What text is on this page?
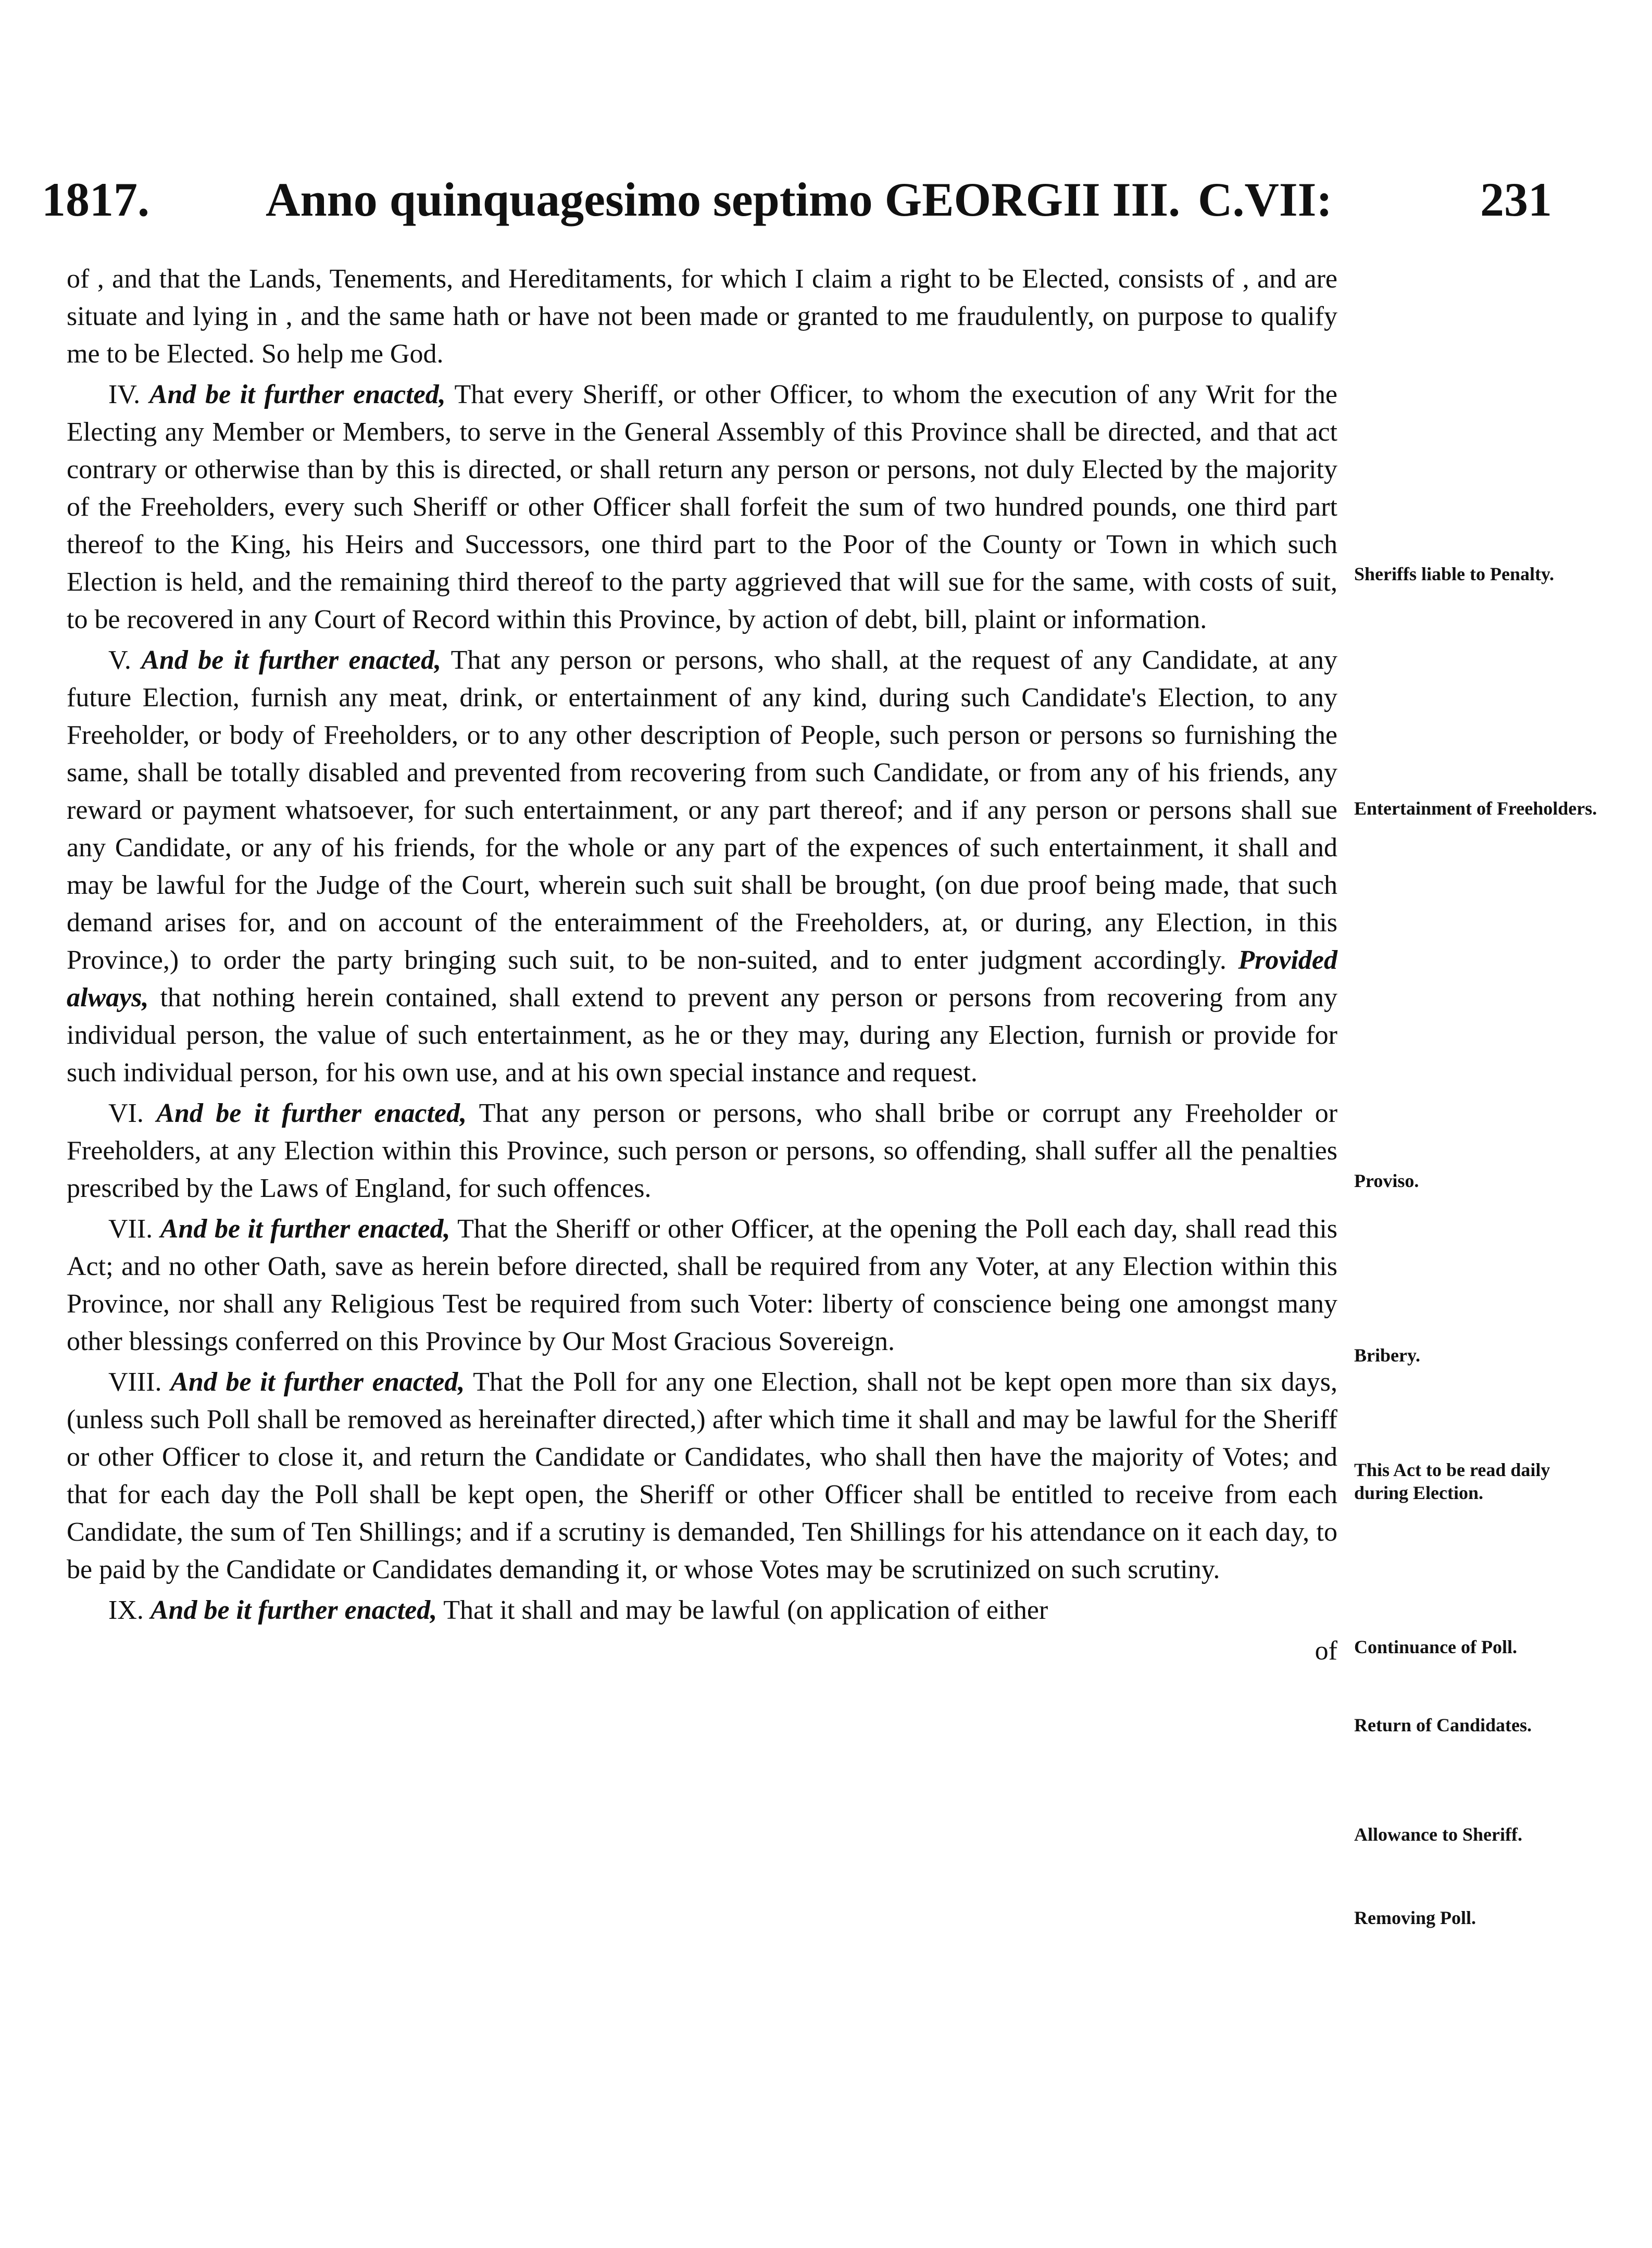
1817. Anno quinquagesimo septimo GEORGII III. C.VII:	231

of , and that the Lands, Tenements, and Hereditaments, for which I claim a right to be Elected, consists of , and are situate and lying in , and the same hath or have not been made or granted to me fraudulently, on purpose to qualify me to be Elected. So help me God.

IV. And be it further enacted, That every Sheriff, or other Officer, to whom the execution of any Writ for the Electing any Member or Members, to serve in the General Assembly of this Province shall be directed, and that act contrary or otherwise than by this is directed, or shall return any person or persons, not duly Elected by the majority of the Freeholders, every such Sheriff or other Officer shall forfeit the sum of two hundred pounds, one third part thereof to the King, his Heirs and Successors, one third part to the Poor of the County or Town in which such Election is held, and the remaining third thereof to the party aggrieved that will sue for the same, with costs of suit, to be recovered in any Court of Record within this Province, by action of debt, bill, plaint or information.

V. And be it further enacted, That any person or persons, who shall, at the request of any Candidate, at any future Election, furnish any meat, drink, or entertainment of any kind, during such Candidate's Election, to any Freeholder, or body of Freeholders, or to any other description of People, such person or persons so furnishing the same, shall be totally disabled and prevented from recovering from such Candidate, or from any of his friends, any reward or payment whatsoever, for such entertainment, or any part thereof; and if any person or persons shall sue any Candidate, or any of his friends, for the whole or any part of the expences of such entertainment, it shall and may be lawful for the Judge of the Court, wherein such suit shall be brought, (on due proof being made, that such demand arises for, and on account of the enteraimment of the Freeholders, at, or during, any Election, in this Province,) to order the party bringing such suit, to be non-suited, and to enter judgment accordingly. Provided always, that nothing herein contained, shall extend to prevent any person or persons from recovering from any individual person, the value of such entertainment, as he or they may, during any Election, furnish or provide for such individual person, for his own use, and at his own special instance and request.

VI. And be it further enacted, That any person or persons, who shall bribe or corrupt any Freeholder or Freeholders, at any Election within this Province, such person or persons, so offending, shall suffer all the penalties prescribed by the Laws of England, for such offences.

VII. And be it further enacted, That the Sheriff or other Officer, at the opening the Poll each day, shall read this Act; and no other Oath, save as herein before directed, shall be required from any Voter, at any Election within this Province, nor shall any Religious Test be required from such Voter: liberty of conscience being one amongst many other blessings conferred on this Province by Our Most Gracious Sovereign.

VIII. And be it further enacted, That the Poll for any one Election, shall not be kept open more than six days, (unless such Poll shall be removed as hereinafter directed,) after which time it shall and may be lawful for the Sheriff or other Officer to close it, and return the Candidate or Candidates, who shall then have the majority of Votes; and that for each day the Poll shall be kept open, the Sheriff or other Officer shall be entitled to receive from each Candidate, the sum of Ten Shillings; and if a scrutiny is demanded, Ten Shillings for his attendance on it each day, to be paid by the Candidate or Candidates demanding it, or whose Votes may be scrutinized on such scrutiny.

IX. And be it further enacted, That it shall and may be lawful (on application of either

of

Sheriffs liable to Penalty.
Entertainment of Freeholders.
Proviso.
Bribery.
This Act to be read daily during Election.
Continuance of Poll.
Return of Candidates.
Allowance to Sheriff.
Removing Poll.
